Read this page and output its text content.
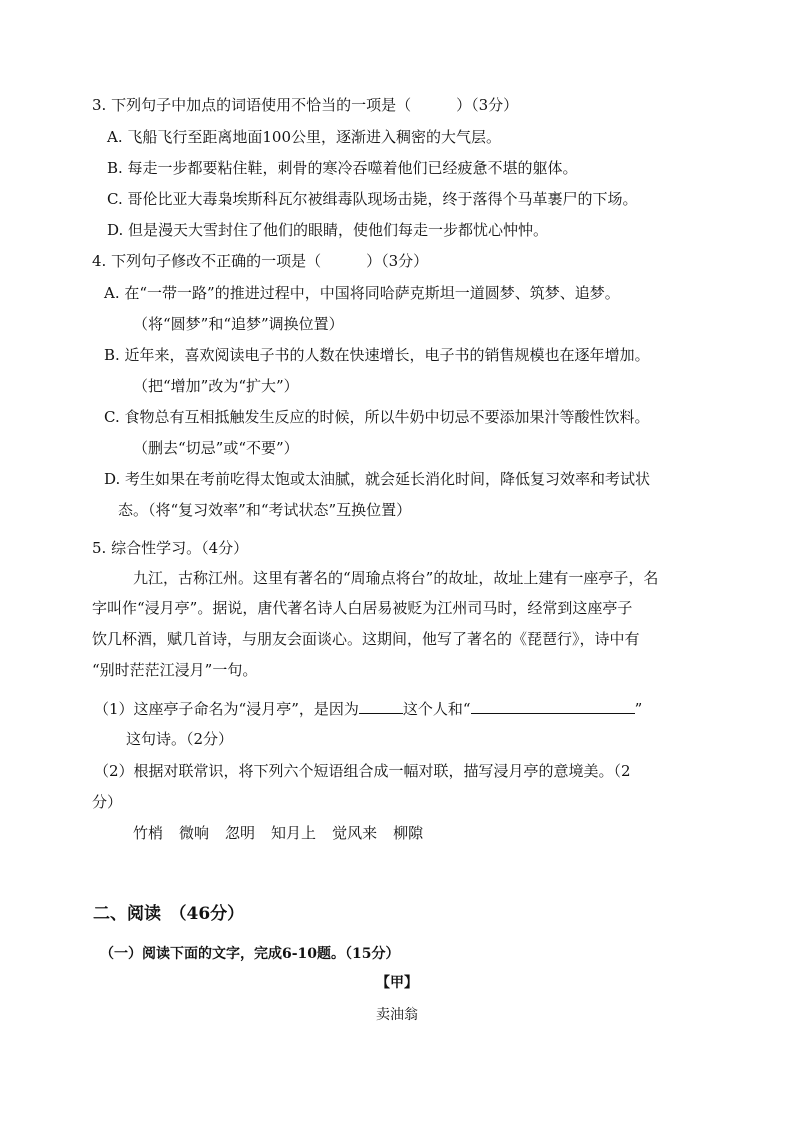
3. 下列句子中加点的词语使用不恰当的一项是（　　　）（3分）
A. 飞船飞行至距离地面100公里，逐渐进入稠密的大气层。
B. 每走一步都要粘住鞋，刺骨的寒冷吞噬着他们已经疲惫不堪的躯体。
C. 哥伦比亚大毒枭埃斯科瓦尔被缉毒队现场击毙，终于落得个马革裹尸的下场。
D. 但是漫天大雪封住了他们的眼睛，使他们每走一步都忧心忡忡。
4. 下列句子修改不正确的一项是（　　　）（3分）
A. 在“一带一路”的推进过程中，中国将同哈萨克斯坦一道圆梦、筑梦、追梦。
（将“圆梦”和“追梦”调换位置）
B. 近年来，喜欢阅读电子书的人数在快速增长，电子书的销售规模也在逐年增加。
（把“增加”改为“扩大”）
C. 食物总有互相抵触发生反应的时候，所以牛奶中切忌不要添加果汁等酸性饮料。
（删去“切忌”或“不要”）
D. 考生如果在考前吃得太饱或太油腻，就会延长消化时间，降低复习效率和考试状
态。（将“复习效率”和“考试状态”互换位置）
5. 综合性学习。（4分）
　九江，古称江州。这里有著名的“周瑜点将台”的故址，故址上建有一座亭子，名
字叫作“浸月亭”。据说，唐代著名诗人白居易被贬为江州司马时，经常到这座亭子
饮几杯酒，赋几首诗，与朋友会面谈心。这期间，他写了著名的《琵琶行》，诗中有
“别时茫茫江浸月”一句。
（1）这座亭子命名为“浸月亭”，是因为	这个人和“	”
这句诗。（2分）
（2）根据对联常识，将下列六个短语组合成一幅对联，描写浸月亭的意境美。（2
分）
竹梢 微响 忽明 知月上 觉风来 柳隙
二、阅读　（46分）
（一）阅读下面的文字，完成6-10题。（15分）
【甲】
卖油翁
